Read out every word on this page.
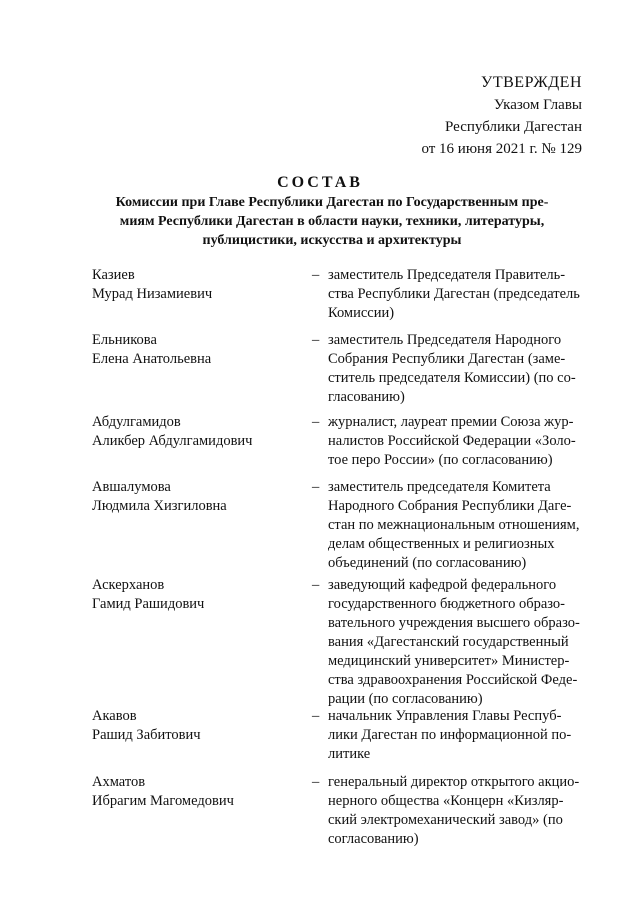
УТВЕРЖДЕН
Указом Главы
Республики Дагестан
от 16 июня 2021 г. № 129
СОСТАВ
Комиссии при Главе Республики Дагестан по Государственным пре-
миям Республики Дагестан в области науки, техники, литературы,
публицистики, искусства и архитектуры
Казиев
Мурад Низамиевич
– заместитель Председателя Правитель-
ства Республики Дагестан (председатель
Комиссии)
Ельникова
Елена Анатольевна
– заместитель Председателя Народного
Собрания Республики Дагестан (заме-
ститель председателя Комиссии) (по со-
гласованию)
Абдулгамидов
Аликбер Абдулгамидович
– журналист, лауреат премии Союза жур-
налистов Российской Федерации «Золо-
тое перо России» (по согласованию)
Авшалумова
Людмила Хизгиловна
– заместитель председателя Комитета
Народного Собрания Республики Даге-
стан по межнациональным отношениям,
делам общественных и религиозных
объединений (по согласованию)
Аскерханов
Гамид Рашидович
– заведующий кафедрой федерального
государственного бюджетного образо-
вательного учреждения высшего образо-
вания «Дагестанский государственный
медицинский университет» Министер-
ства здравоохранения Российской Феде-
рации (по согласованию)
Акавов
Рашид Забитович
– начальник Управления Главы Респуб-
лики Дагестан по информационной по-
литике
Ахматов
Ибрагим Магомедович
– генеральный директор открытого акцио-
нерного общества «Концерн «Кизляр-
ский электромеханический завод» (по
согласованию)
